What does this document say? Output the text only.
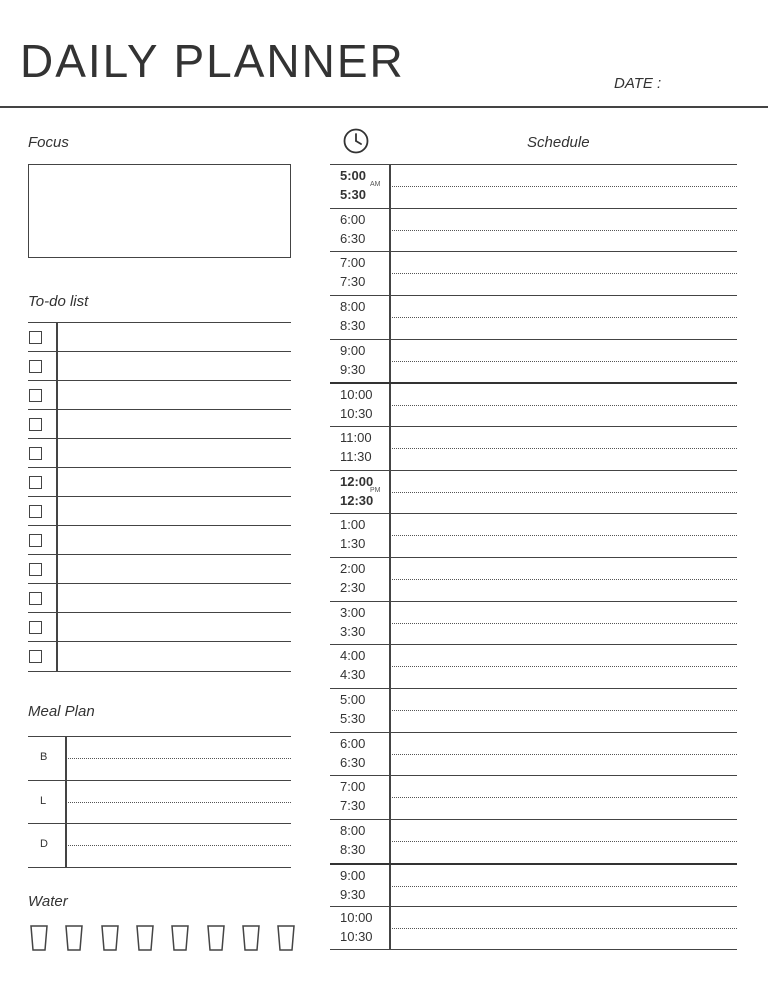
DAILY PLANNER	DATE :
Focus
To-do list
Meal Plan
B
L
D
Water
Schedule
5:00
5:30
AM
6:00
6:30
7:00
7:30
8:00
8:30
9:00
9:30
10:00
10:30
11:00
11:30
12:00
12:30
PM
1:00
1:30
2:00
2:30
3:00
3:30
4:00
4:30
5:00
5:30
6:00
6:30
7:00
7:30
8:00
8:30
9:00
9:30
10:00
10:30
